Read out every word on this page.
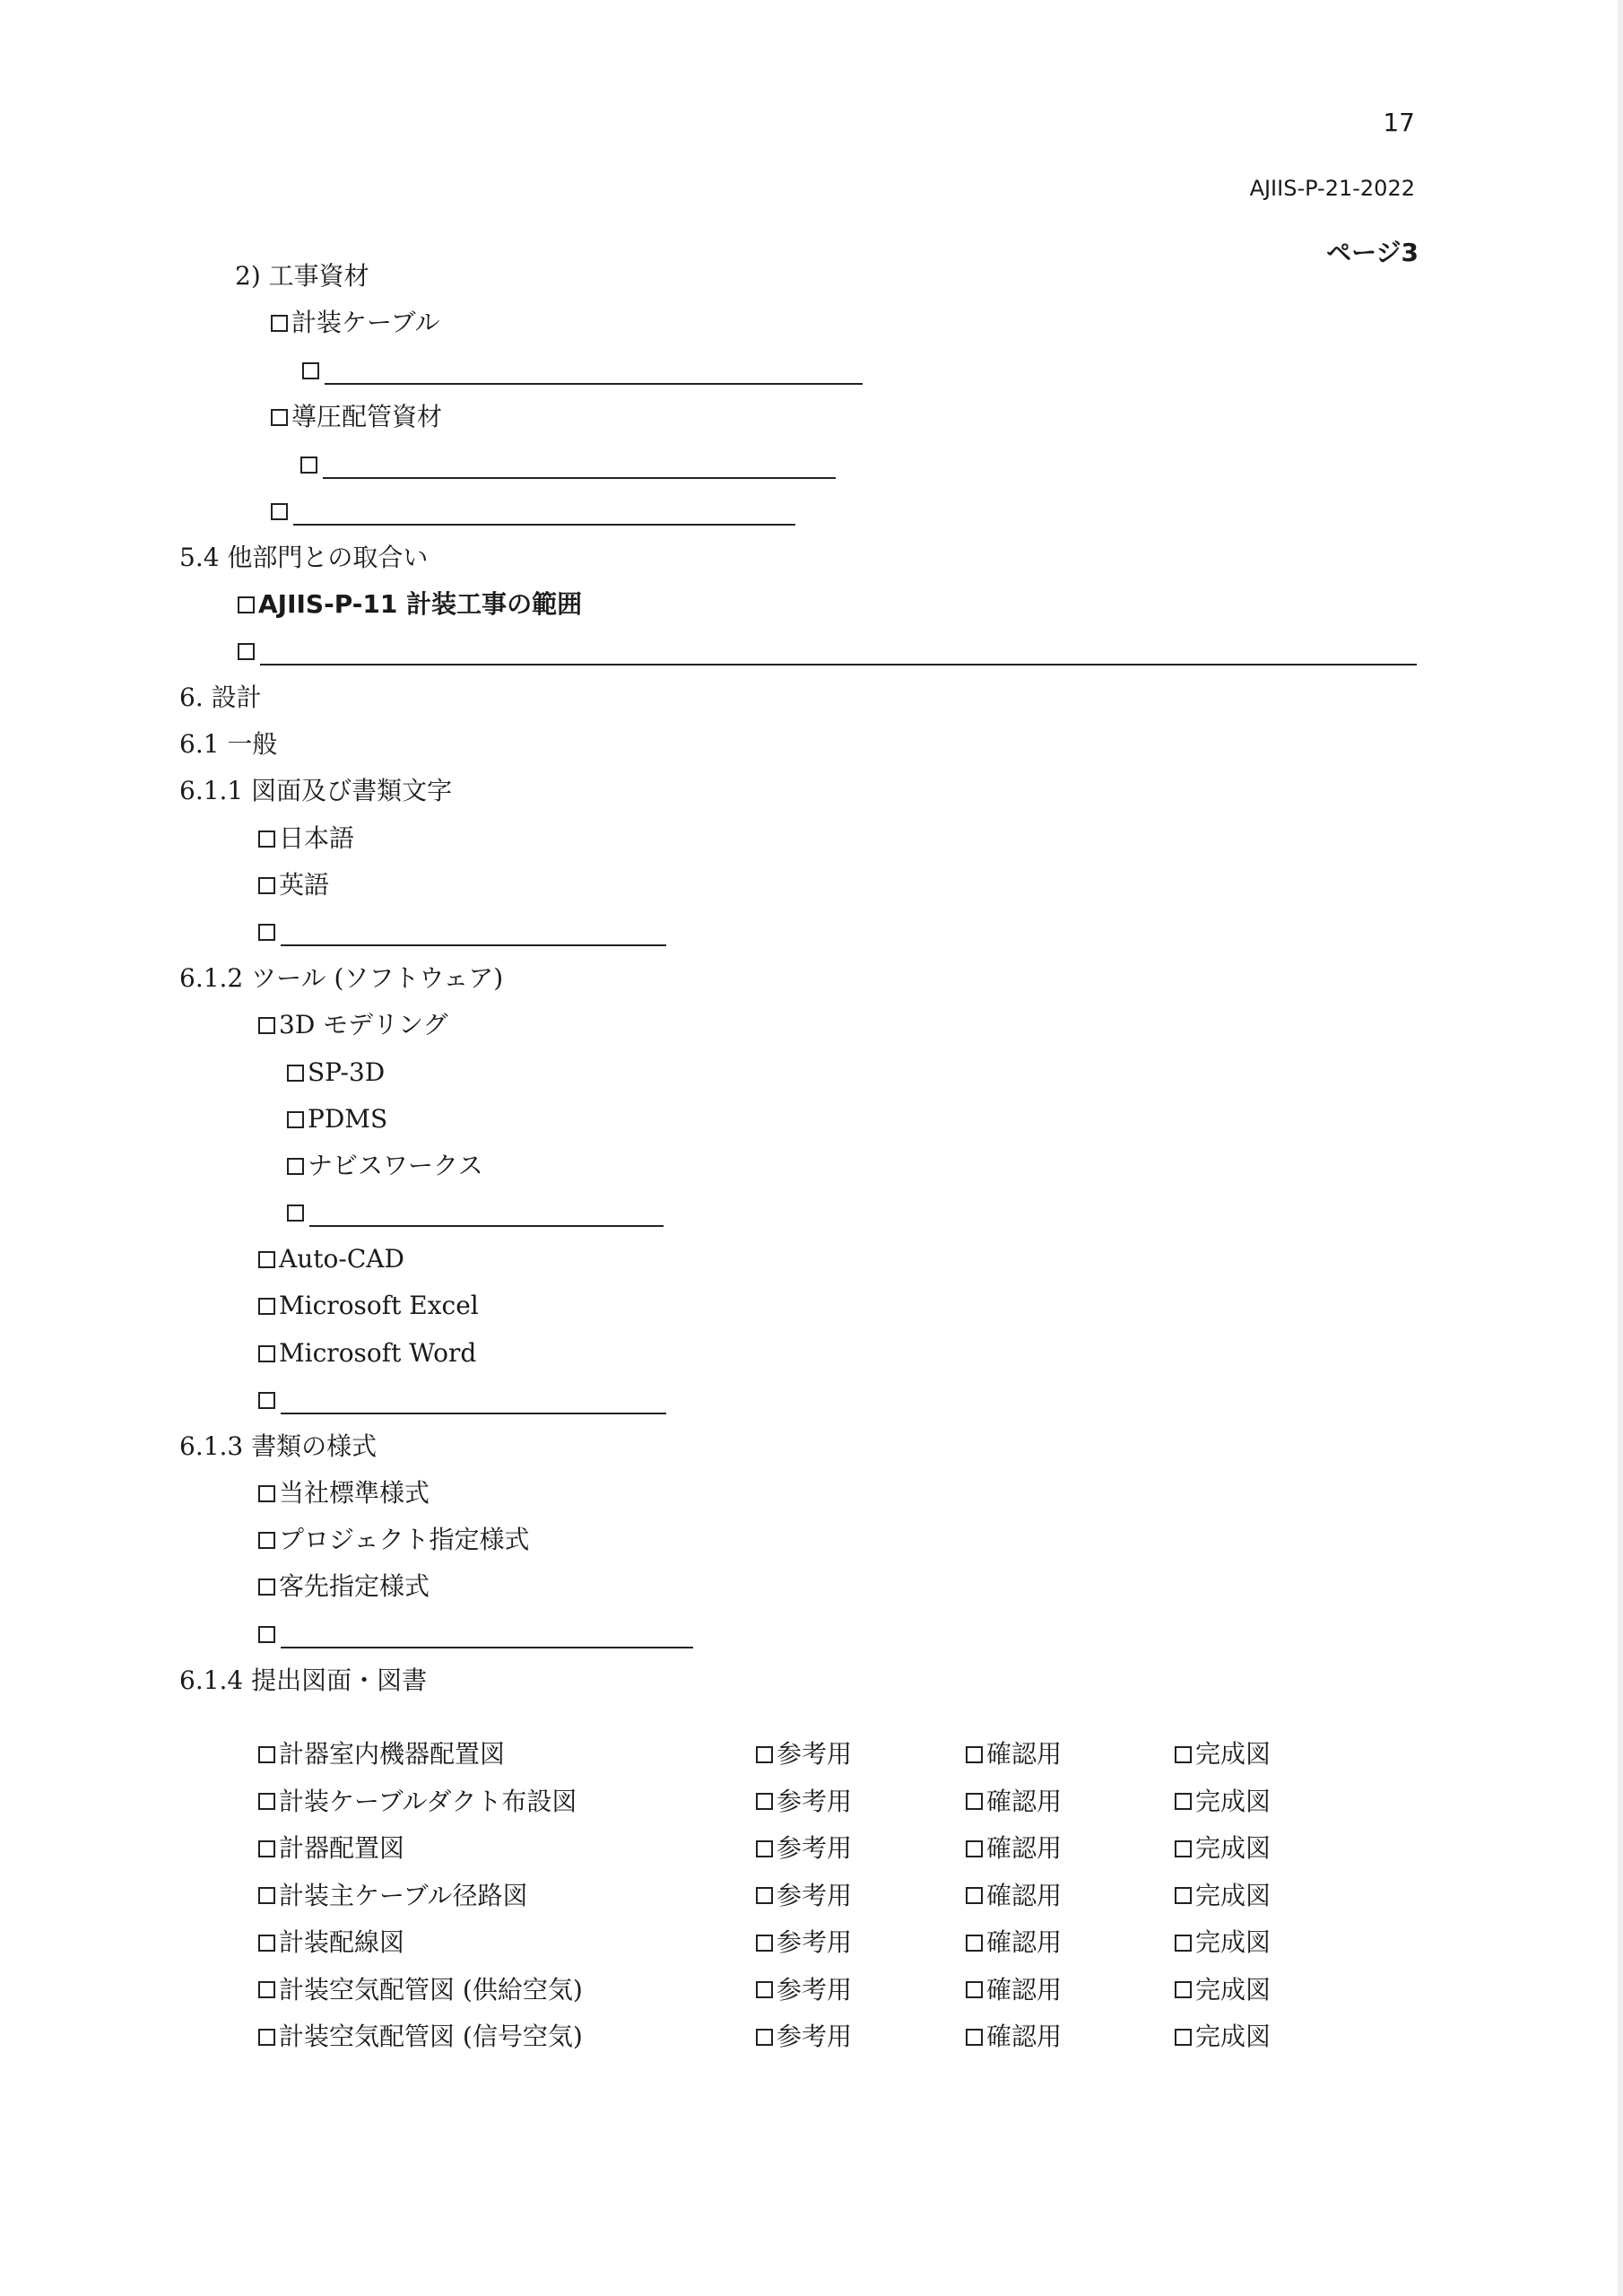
17
AJIIS-P-21-2022
ページ3
2) 工事資材
計装ケーブル
導圧配管資材
5.4 他部門との取合い
AJIIS-P-11 計装工事の範囲
6. 設計
6.1 一般
6.1.1 図面及び書類文字
日本語
英語
6.1.2 ツール (ソフトウェア)
3D モデリング
SP-3D
PDMS
ナビスワークス
Auto-CAD
Microsoft Excel
Microsoft Word
6.1.3 書類の様式
当社標準様式
プロジェクト指定様式
客先指定様式
6.1.4 提出図面・図書
計器室内機器配置図	参考用	確認用	完成図
計装ケーブルダクト布設図	参考用	確認用	完成図
計器配置図	参考用	確認用	完成図
計装主ケーブル径路図	参考用	確認用	完成図
計装配線図	参考用	確認用	完成図
計装空気配管図 (供給空気)	参考用	確認用	完成図
計装空気配管図 (信号空気)	参考用	確認用	完成図
